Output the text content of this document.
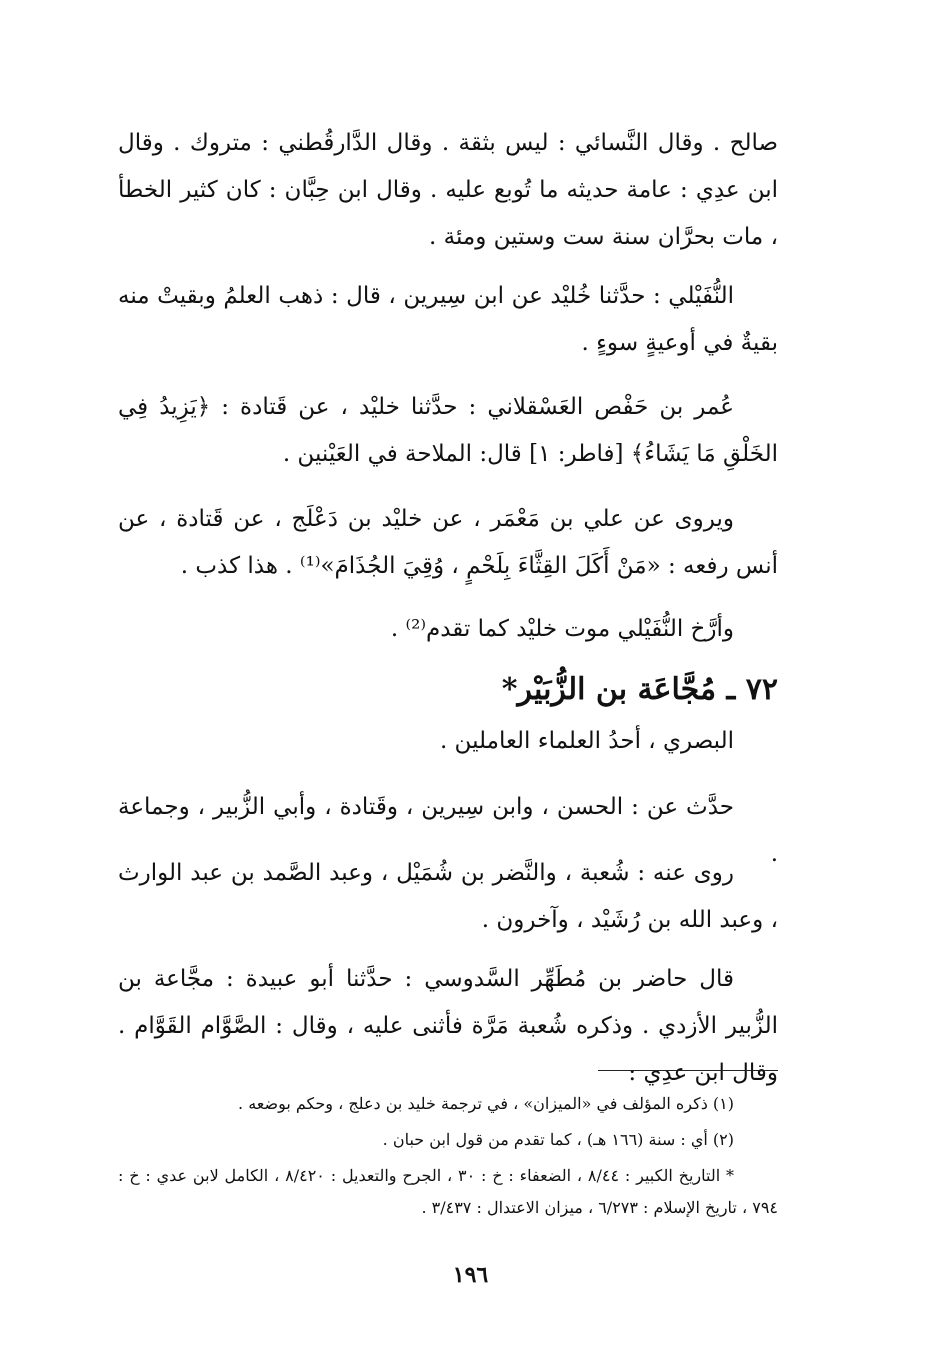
صالح . وقال النَّسائي : ليس بثقة . وقال الدَّارقُطني : متروك . وقال ابن عدِي : عامة حديثه ما تُوبع عليه . وقال ابن حِبَّان : كان كثير الخطأ ، مات بحرَّان سنة ست وستين ومئة .

النُّفَيْلي : حدَّثنا خُليْد عن ابن سِيرين ، قال : ذهب العلمُ وبقيتْ منه بقيةٌ في أوعيةٍ سوءٍ .

عُمر بن حَفْص العَسْقلاني : حدَّثنا خليْد ، عن قَتادة : ﴿يَزِيدُ فِي الخَلْقِ مَا يَشَاءُ﴾ [فاطر: ١] قال: الملاحة في العَيْنين .

ويروى عن علي بن مَعْمَر ، عن خليْد بن دَعْلَج ، عن قَتادة ، عن أنس رفعه : «مَنْ أَكَلَ القِثَّاءَ بِلَحْمٍ ، وُقِيَ الجُذَامَ»⁽¹⁾ . هذا كذب .

وأرَّخ النُّفَيْلي موت خليْد كما تقدم⁽²⁾ .

٧٢ ـ مُجَّاعَة بن الزُّبَيْر*

البصري ، أحدُ العلماء العاملين .

حدَّث عن : الحسن ، وابن سِيرين ، وقَتادة ، وأبي الزُّبير ، وجماعة .

روى عنه : شُعبة ، والنَّضر بن شُمَيْل ، وعبد الصَّمد بن عبد الوارث ، وعبد الله بن رُشَيْد ، وآخرون .

قال حاضر بن مُطَهِّر السَّدوسي : حدَّثنا أبو عبيدة : مجَّاعة بن الزُّبير الأزدي . وذكره شُعبة مَرَّة فأثنى عليه ، وقال : الصَّوَّام القَوَّام . وقال ابن عدِي :

(١) ذكره المؤلف في «الميزان» ، في ترجمة خليد بن دعلج ، وحكم بوضعه .

(٢) أي : سنة (١٦٦ هـ) ، كما تقدم من قول ابن حبان .

* التاريخ الكبير : ٨/٤٤ ، الضعفاء : خ : ٣٠ ، الجرح والتعديل : ٨/٤٢٠ ، الكامل لابن عدي : خ : ٧٩٤ ، تاريخ الإسلام : ٦/٢٧٣ ، ميزان الاعتدال : ٣/٤٣٧ .

١٩٦
